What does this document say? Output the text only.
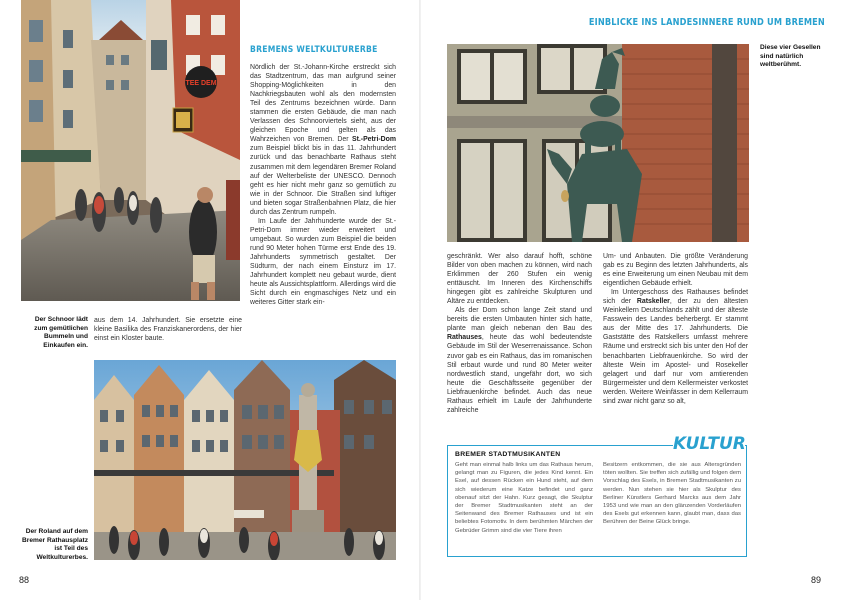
TEE DEM
Der Schnoor lädt zum gemütlichen Bummeln und Einkaufen ein.
BREMENS WELTKULTURERBE

Nördlich der St.-Johann-Kirche erstreckt sich das Stadtzentrum, das man aufgrund seiner Shopping-Möglichkeiten in den Nachkriegsbauten wohl als den modernsten Teil des Zentrums bezeichnen würde. Dann stammen die ersten Gebäude, die man nach Verlassen des Schnoorviertels sieht, aus der gleichen Epoche und gelten als das Wahrzeichen von Bremen. Der St.-Petri-Dom zum Beispiel blickt bis in das 11. Jahrhundert zurück und das benachbarte Rathaus steht zusammen mit dem legendären Bremer Roland auf der Welterbeliste der UNESCO. Dennoch geht es hier nicht mehr ganz so gemütlich zu wie in der Schnoor. Die Straßen sind luftiger und bieten sogar Straßenbahnen Platz, die hier durch das Zentrum rumpeln.

Im Laufe der Jahrhunderte wurde der St.-Petri-Dom immer wieder erweitert und umgebaut. So wurden zum Beispiel die beiden rund 90 Meter hohen Türme erst Ende des 19. Jahrhunderts symmetrisch gestaltet. Der Südturm, der nach einem Einsturz im 17. Jahrhundert komplett neu gebaut wurde, dient heute als Aussichtsplattform. Allerdings wird die Sicht durch ein engmaschiges Netz und ein weiteres Gitter stark ein-

aus dem 14. Jahrhundert. Sie ersetzte eine kleine Basilika des Franziskanerordens, der hier einst ein Kloster baute.
Der Roland auf dem Bremer Rathausplatz ist Teil des Weltkulturerbes.
88
EINBLICKE INS LANDESINNERE RUND UM BREMEN
Diese vier Gesellen sind natürlich weltberühmt.

geschränkt. Wer also darauf hofft, schöne Bilder von oben machen zu können, wird nach Erklimmen der 260 Stufen ein wenig enttäuscht. Im Inneren des Kirchenschiffs hingegen gibt es zahlreiche Skulpturen und Altäre zu entdecken.

Als der Dom schon lange Zeit stand und bereits die ersten Umbauten hinter sich hatte, plante man gleich nebenan den Bau des Rathauses, heute das wohl bedeutendste Gebäude im Stil der Weserrenaissance. Schon zuvor gab es ein Rathaus, das im romanischen Stil erbaut wurde und rund 80 Meter weiter nordwestlich stand, ungefähr dort, wo sich heute die Geschäftsseite gegenüber der Liebfrauenkirche befindet. Auch das neue Rathaus erhielt im Laufe der Jahrhunderte zahlreiche

Um- und Anbauten. Die größte Veränderung gab es zu Beginn des letzten Jahrhunderts, als es eine Erweiterung um einen Neubau mit dem eigentlichen Gebäude erhielt.

Im Untergeschoss des Rathauses befindet sich der Ratskeller, der zu den ältesten Weinkellern Deutschlands zählt und der älteste Fasswein des Landes beherbergt. Er stammt aus der Mitte des 17. Jahrhunderts. Die Gaststätte des Ratskellers umfasst mehrere Räume und erstreckt sich bis unter den Hof der benachbarten Liebfrauenkirche. So wird der älteste Wein im Apostel- und Rosekeller gelagert und darf nur vom amtierenden Bürgermeister und dem Kellermeister verkostet werden. Weitere Weinfässer in dem Kellerraum sind zwar nicht ganz so alt,

KULTUR
BREMER STADTMUSIKANTEN
Geht man einmal halb links um das Rathaus herum, gelangt man zu Figuren, die jedes Kind kennt. Ein Esel, auf dessen Rücken ein Hund steht, auf dem sich wiederum eine Katze befindet und ganz obenauf sitzt der Hahn. Kurz gesagt, die Skulptur der Bremer Stadtmusikanten steht an der Seitenwand des Bremer Rathauses und ist ein beliebtes Fotomotiv. In dem berühmten Märchen der Gebrüder Grimm sind die vier Tiere ihren
Besitzern entkommen, die sie aus Altersgründen töten wollten. Sie treffen sich zufällig und folgen dem Vorschlag des Esels, in Bremen Stadtmusikanten zu werden. Nun stehen sie hier als Skulptur des Berliner Künstlers Gerhard Marcks aus dem Jahr 1953 und wie man an den glänzenden Vorderläufen des Esels gut erkennen kann, glaubt man, dass das Berühren der Beine Glück bringe.
89
